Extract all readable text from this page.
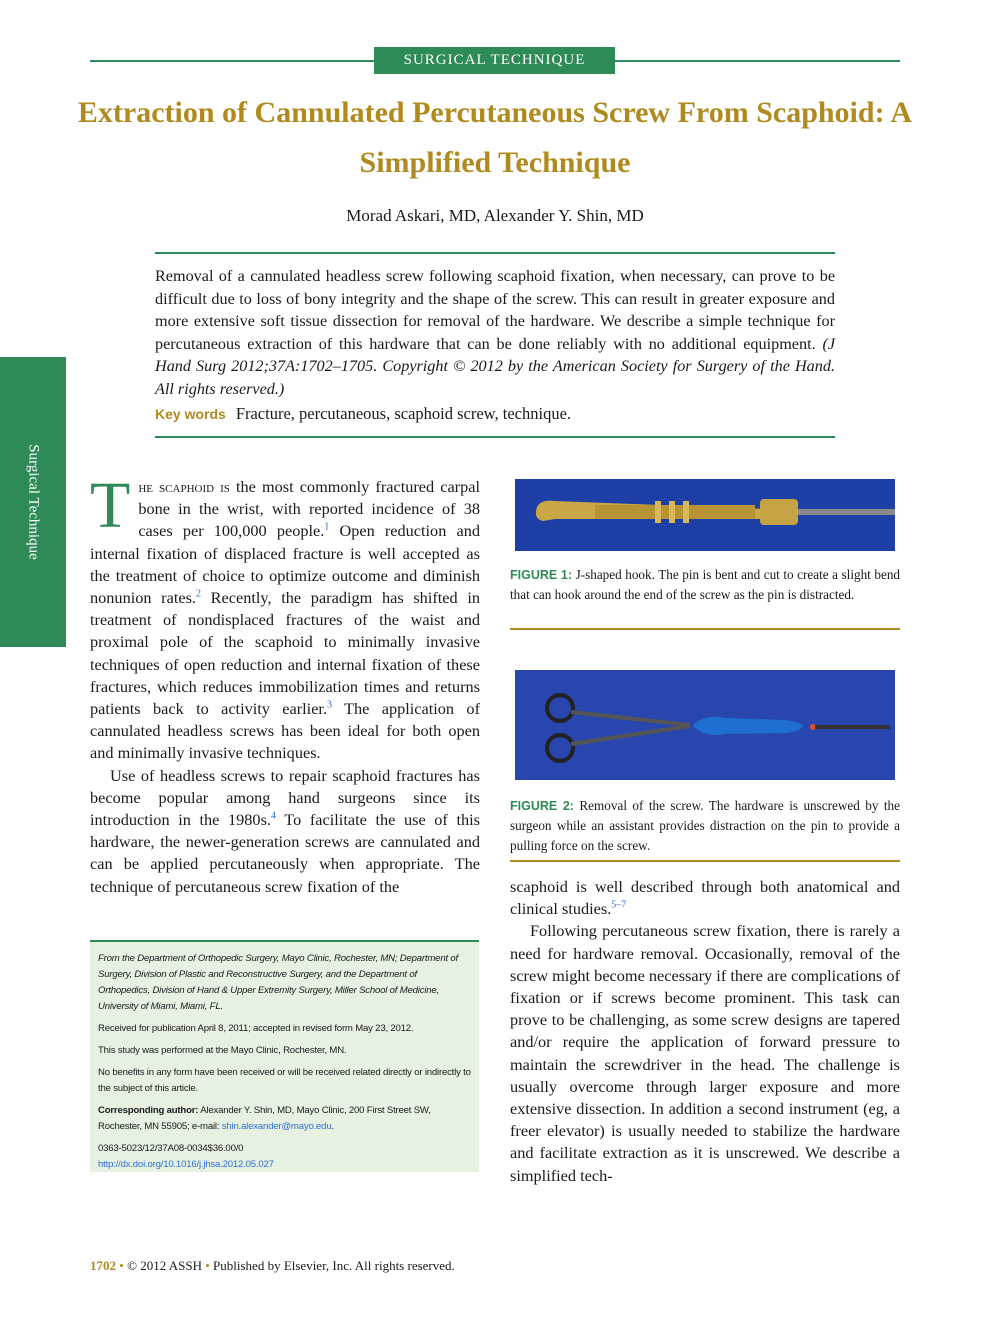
SURGICAL TECHNIQUE
Extraction of Cannulated Percutaneous Screw From Scaphoid: A Simplified Technique
Morad Askari, MD, Alexander Y. Shin, MD
Removal of a cannulated headless screw following scaphoid fixation, when necessary, can prove to be difficult due to loss of bony integrity and the shape of the screw. This can result in greater exposure and more extensive soft tissue dissection for removal of the hardware. We describe a simple technique for percutaneous extraction of this hardware that can be done reliably with no additional equipment. (J Hand Surg 2012;37A:1702–1705. Copyright © 2012 by the American Society for Surgery of the Hand. All rights reserved.)
Key words Fracture, percutaneous, scaphoid screw, technique.
Surgical Technique The scaphoid is the most commonly fractured carpal bone in the wrist, with reported incidence of 38 cases per 100,000 people.$^1$ Open reduction and internal fixation of displaced fracture is well accepted as the treatment of choice to optimize outcome and diminish nonunion rates.$^2$ Recently, the paradigm has shifted in treatment of nondisplaced fractures of the waist and proximal pole of the scaphoid to minimally invasive techniques of open reduction and internal fixation of these fractures, which reduces immobilization times and returns patients back to activity earlier.$^3$ The application of cannulated headless screws has been ideal for both open and minimally invasive techniques.

Use of headless screws to repair scaphoid fractures has become popular among hand surgeons since its introduction in the 1980s.$^4$ To facilitate the use of this hardware, the newer-generation screws are cannulated and can be applied percutaneously when appropriate. The technique of percutaneous screw fixation of the

FIGURE 1: J-shaped hook. The pin is bent and cut to create a slight bend that can hook around the end of the screw as the pin is distracted.
FIGURE 2: Removal of the screw. The hardware is unscrewed by the surgeon while an assistant provides distraction on the pin to provide a pulling force on the screw.

scaphoid is well described through both anatomical and clinical studies.$^{5-7}$

Following percutaneous screw fixation, there is rarely a need for hardware removal. Occasionally, removal of the screw might become necessary if there are complications of fixation or if screws become prominent. This task can prove to be challenging, as some screw designs are tapered and/or require the application of forward pressure to maintain the screwdriver in the head. The challenge is usually overcome through larger exposure and more extensive dissection. In addition a second instrument (eg, a freer elevator) is usually needed to stabilize the hardware and facilitate extraction as it is unscrewed. We describe a simplified tech-

From the Department of Orthopedic Surgery, Mayo Clinic, Rochester, MN; Department of Surgery, Division of Plastic and Reconstructive Surgery, and the Department of Orthopedics, Division of Hand & Upper Extremity Surgery, Miller School of Medicine, University of Miami, Miami, FL.

Received for publication April 8, 2011; accepted in revised form May 23, 2012.

This study was performed at the Mayo Clinic, Rochester, MN.

No benefits in any form have been received or will be received related directly or indirectly to the subject of this article.

Corresponding author: Alexander Y. Shin, MD, Mayo Clinic, 200 First Street SW, Rochester, MN 55905; e-mail: shin.alexander@mayo.edu.

0363-5023/12/37A08-0034$36.00/0
http://dx.doi.org/10.1016/j.jhsa.2012.05.027

1702 • © 2012 ASSH • Published by Elsevier, Inc. All rights reserved.
